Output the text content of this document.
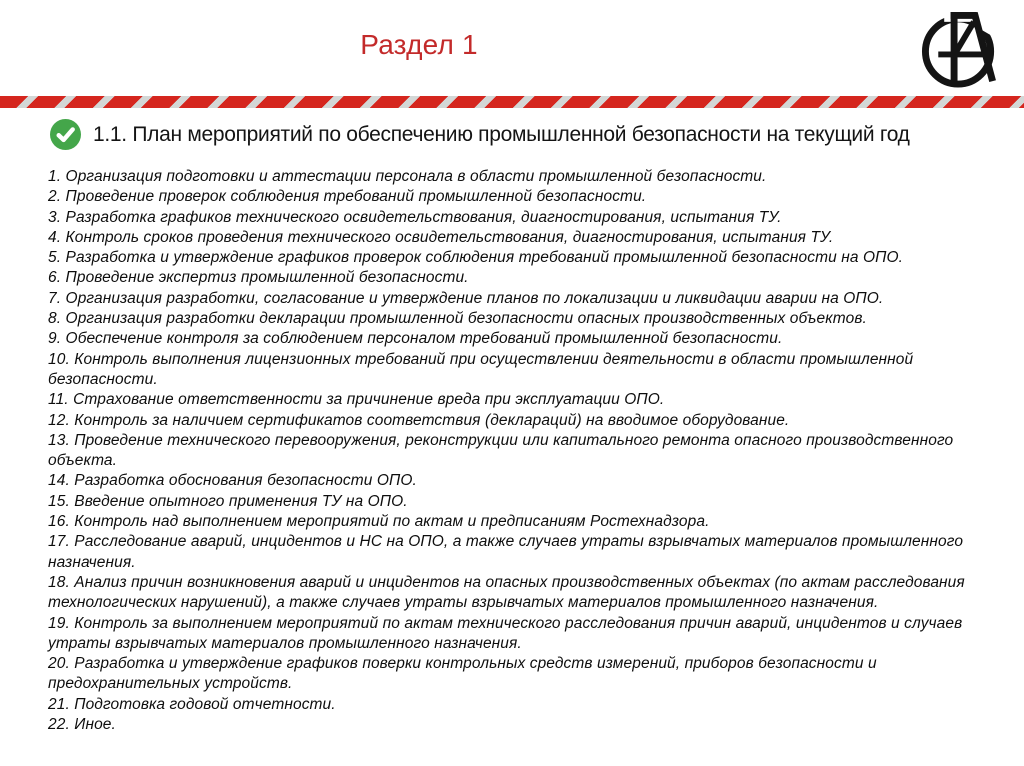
Раздел 1
1.1. План мероприятий по обеспечению промышленной безопасности на текущий год

1. Организация подготовки и аттестации персонала в области промышленной безопасности.

2. Проведение проверок соблюдения требований промышленной безопасности.

3. Разработка графиков технического освидетельствования, диагностирования, испытания ТУ.

4. Контроль сроков проведения технического освидетельствования, диагностирования, испытания ТУ.

5. Разработка и утверждение графиков проверок соблюдения требований промышленной безопасности на ОПО.

6. Проведение экспертиз промышленной безопасности.

7. Организация разработки, согласование и утверждение планов по локализации и ликвидации аварии на ОПО.

8. Организация разработки декларации промышленной безопасности опасных производственных объектов.

9. Обеспечение контроля за соблюдением персоналом требований промышленной безопасности.

10. Контроль выполнения лицензионных требований при осуществлении деятельности в области промышленной безопасности.

11. Страхование ответственности за причинение вреда при эксплуатации ОПО.

12. Контроль за наличием сертификатов соответствия (деклараций) на вводимое оборудование.

13. Проведение технического перевооружения, реконструкции или капитального ремонта опасного производственного объекта.

14. Разработка обоснования безопасности ОПО.

15. Введение опытного применения ТУ на ОПО.

16. Контроль над выполнением мероприятий по актам и предписаниям Ростехнадзора.

17. Расследование аварий, инцидентов и НС на ОПО, а также случаев утраты взрывчатых материалов промышленного назначения.

18. Анализ причин возникновения аварий и инцидентов на опасных производственных объектах (по актам расследования технологических нарушений), а также случаев утраты взрывчатых материалов промышленного назначения.

19. Контроль за выполнением мероприятий по актам технического расследования причин аварий, инцидентов и случаев утраты взрывчатых материалов промышленного назначения.

20. Разработка и утверждение графиков поверки контрольных средств измерений, приборов безопасности и предохранительных устройств.

21. Подготовка годовой отчетности.

22. Иное.
